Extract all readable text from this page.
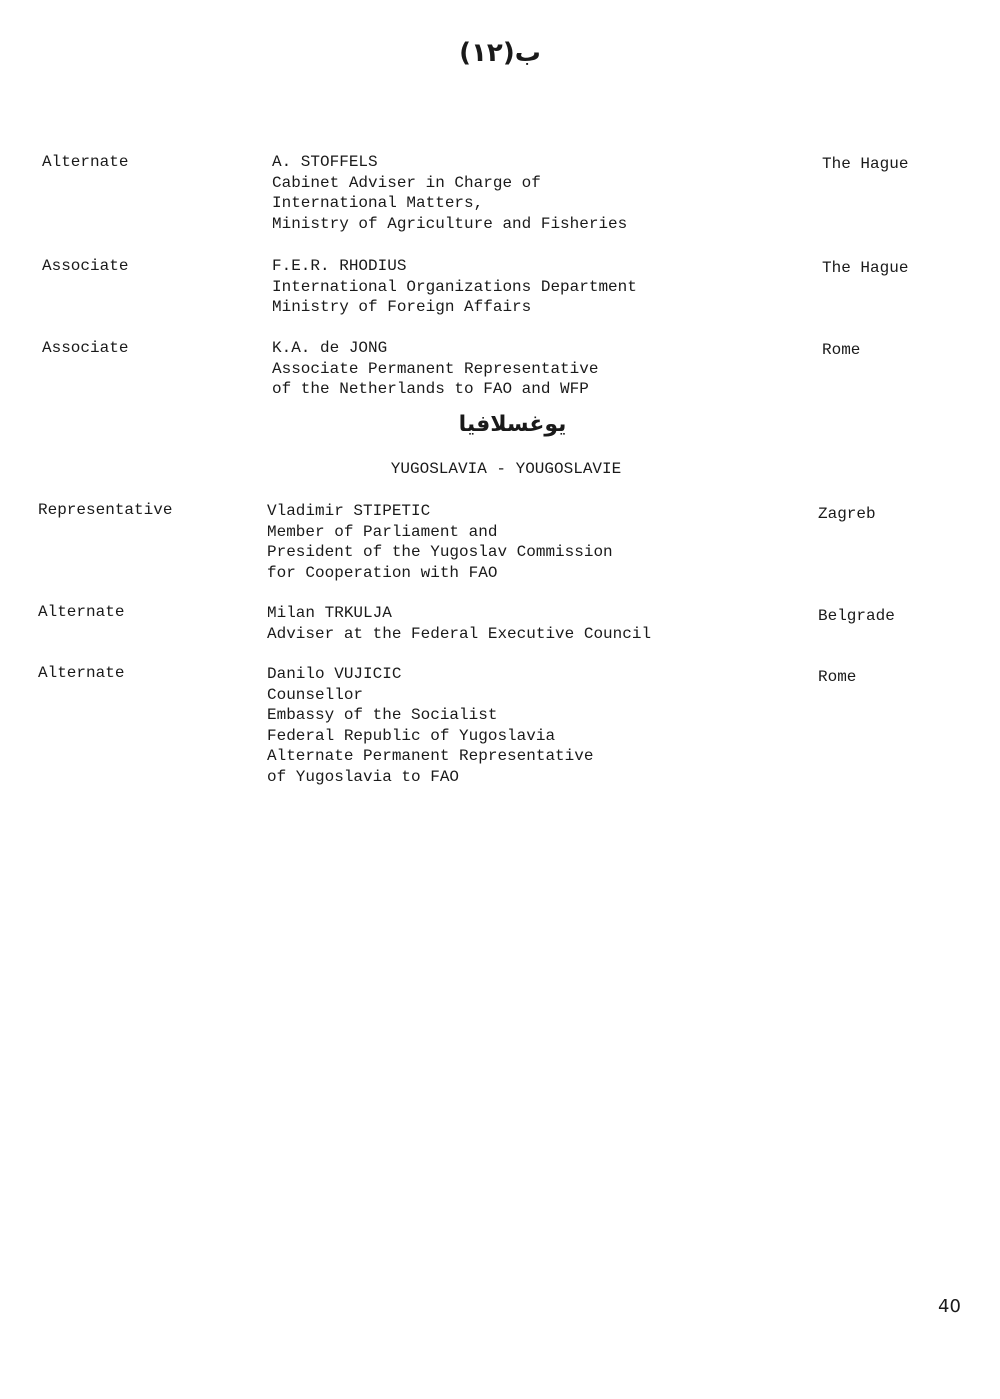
ب(١٢)
Alternate	A. STOFFELS
Cabinet Adviser in Charge of
International Matters,
Ministry of Agriculture and Fisheries
The Hague
Associate	F.E.R. RHODIUS
International Organizations Department
Ministry of Foreign Affairs
The Hague
Associate	K.A. de JONG
Associate Permanent Representative
of the Netherlands to FAO and WFP
Rome
يوغسلافيا
YUGOSLAVIA - YOUGOSLAVIE
Representative	Vladimir STIPETIC
Member of Parliament and
President of the Yugoslav Commission
for Cooperation with FAO
Zagreb
Alternate	Milan TRKULJA
Adviser at the Federal Executive Council
Belgrade
Alternate	Danilo VUJICIC
Counsellor
Embassy of the Socialist
Federal Republic of Yugoslavia
Alternate Permanent Representative
of Yugoslavia to FAO
Rome
40
